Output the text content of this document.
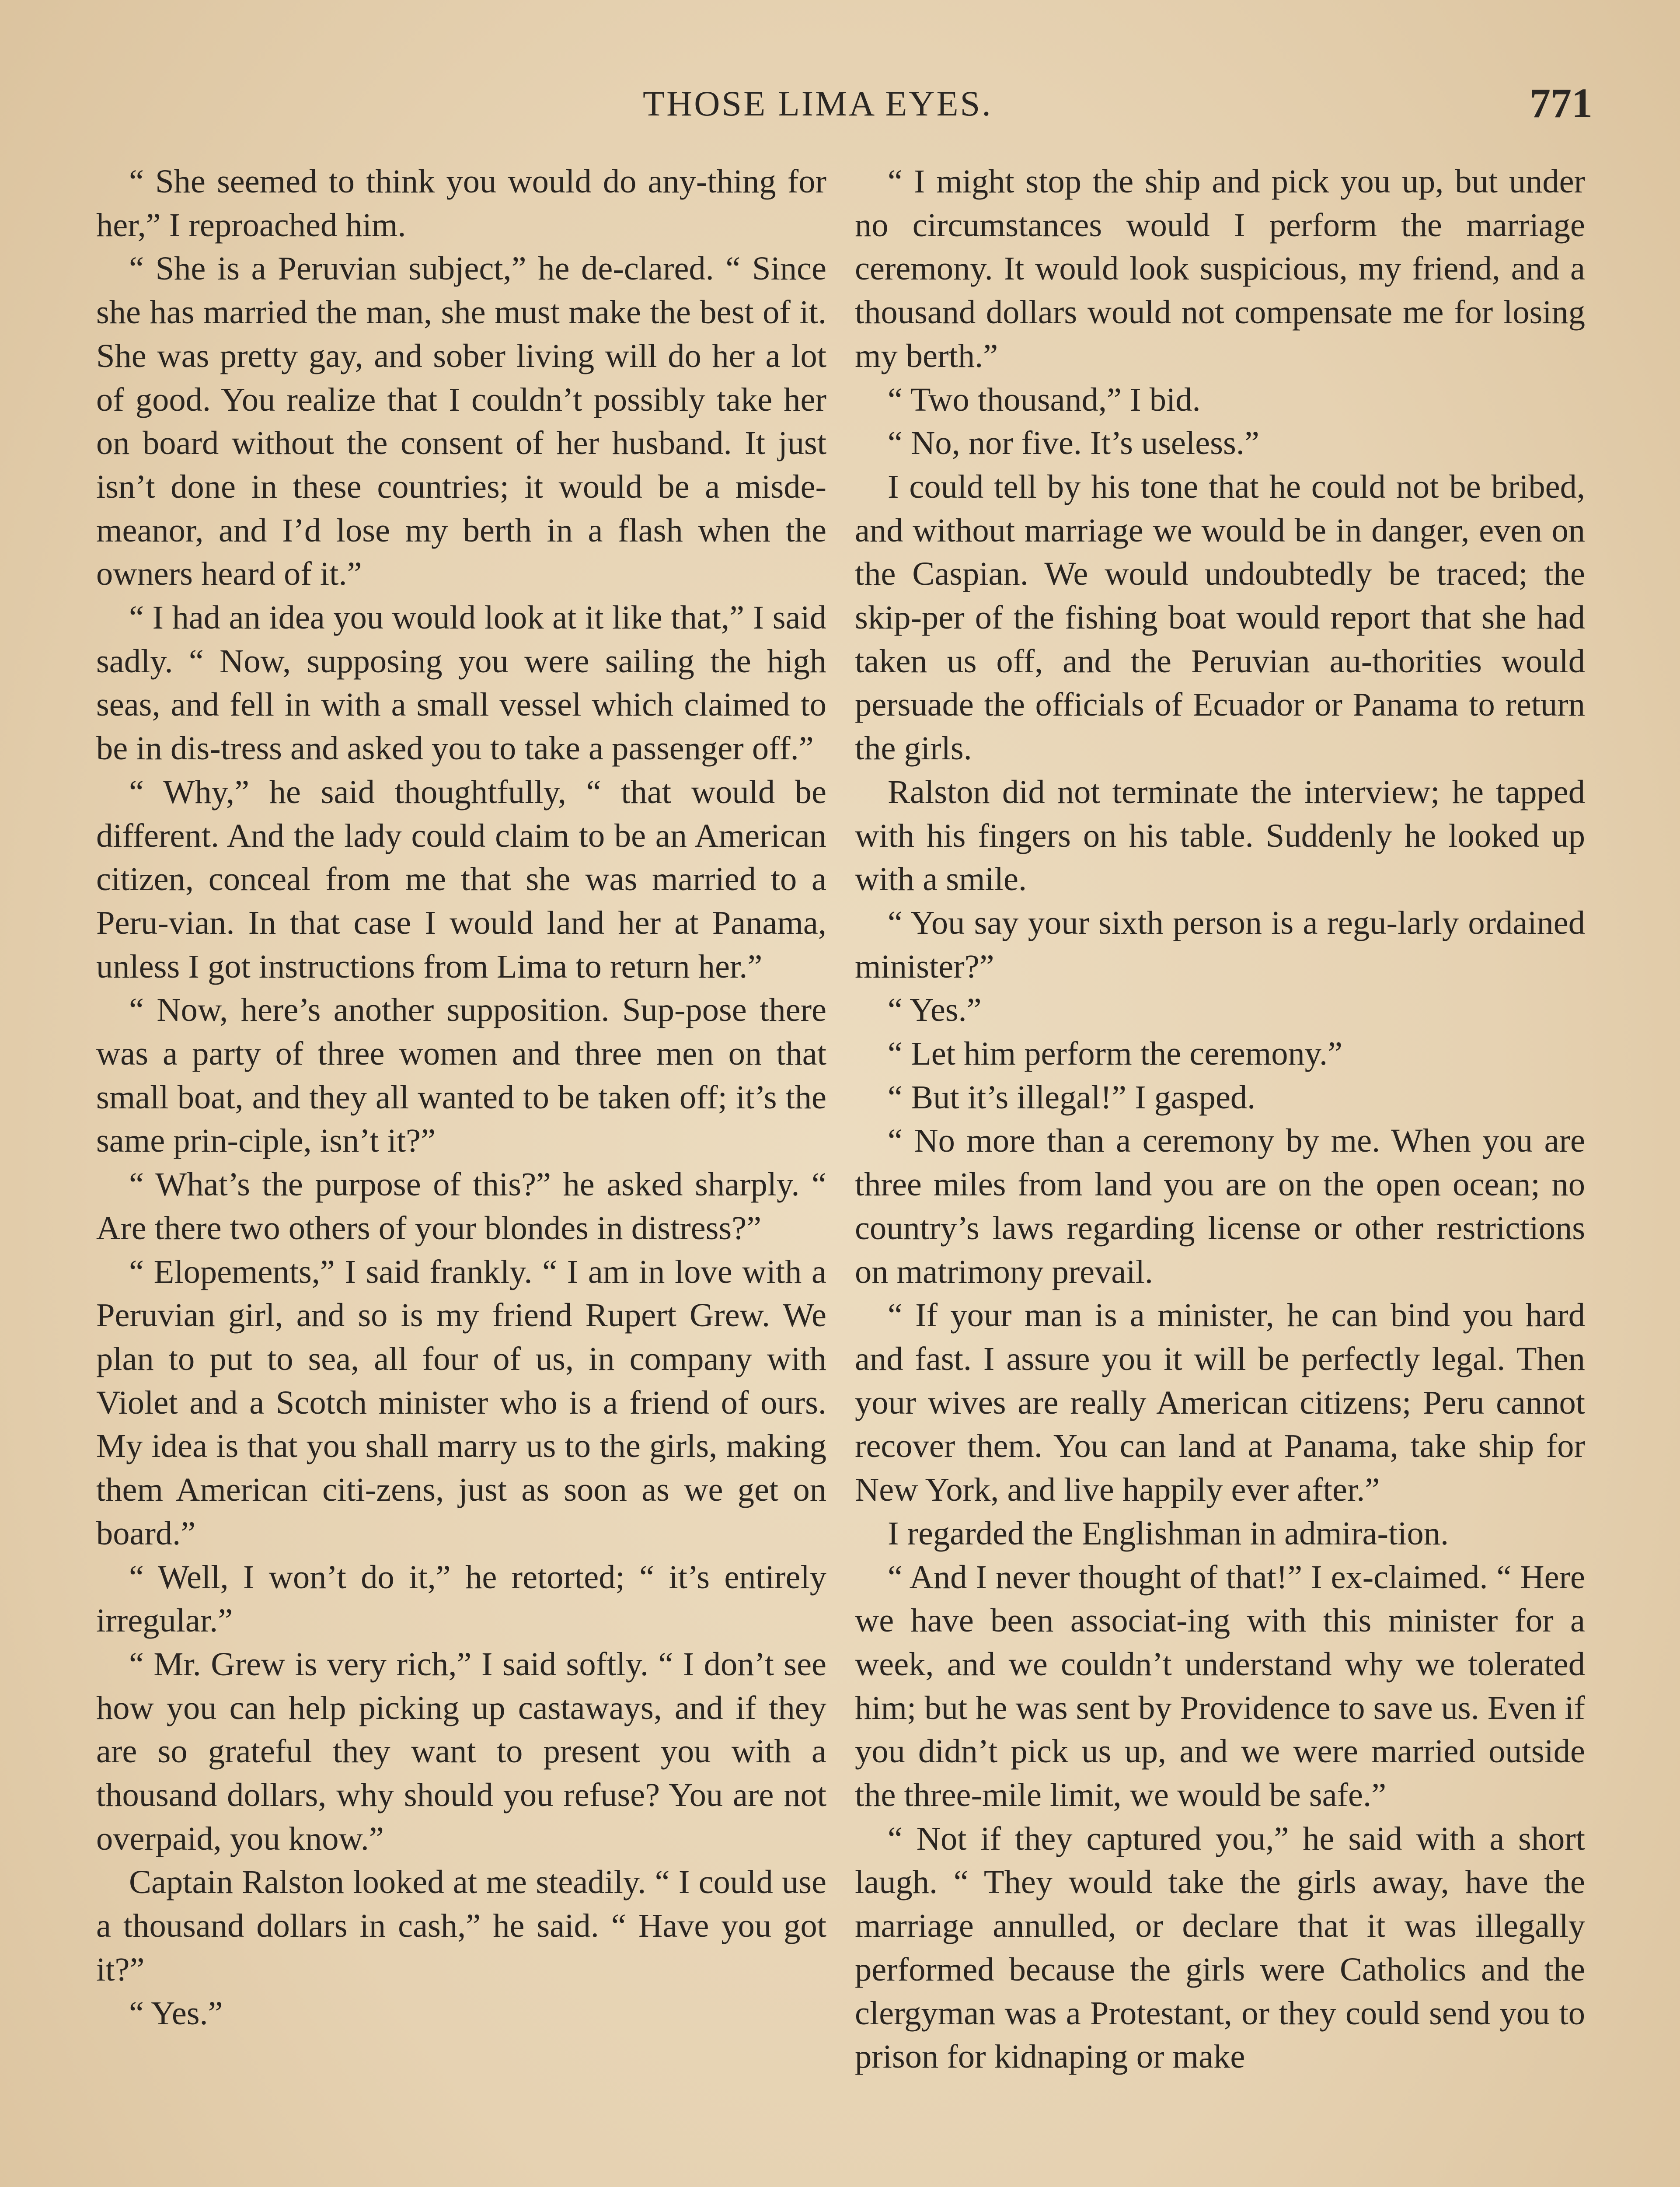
THOSE LIMA EYES.	771

“ She seemed to think you would do any-thing for her,” I reproached him.

“ She is a Peruvian subject,” he de-clared. “ Since she has married the man, she must make the best of it. She was pretty gay, and sober living will do her a lot of good. You realize that I couldn’t possibly take her on board without the consent of her husband. It just isn’t done in these countries; it would be a misde-meanor, and I’d lose my berth in a flash when the owners heard of it.”

“ I had an idea you would look at it like that,” I said sadly. “ Now, supposing you were sailing the high seas, and fell in with a small vessel which claimed to be in dis-tress and asked you to take a passenger off.”

“ Why,” he said thoughtfully, “ that would be different. And the lady could claim to be an American citizen, conceal from me that she was married to a Peru-vian. In that case I would land her at Panama, unless I got instructions from Lima to return her.”

“ Now, here’s another supposition. Sup-pose there was a party of three women and three men on that small boat, and they all wanted to be taken off; it’s the same prin-ciple, isn’t it?”

“ What’s the purpose of this?” he asked sharply. “ Are there two others of your blondes in distress?”

“ Elopements,” I said frankly. “ I am in love with a Peruvian girl, and so is my friend Rupert Grew. We plan to put to sea, all four of us, in company with Violet and a Scotch minister who is a friend of ours. My idea is that you shall marry us to the girls, making them American citi-zens, just as soon as we get on board.”

“ Well, I won’t do it,” he retorted; “ it’s entirely irregular.”

“ Mr. Grew is very rich,” I said softly. “ I don’t see how you can help picking up castaways, and if they are so grateful they want to present you with a thousand dollars, why should you refuse? You are not overpaid, you know.”

Captain Ralston looked at me steadily. “ I could use a thousand dollars in cash,” he said. “ Have you got it?”

“ Yes.”

“ I might stop the ship and pick you up, but under no circumstances would I perform the marriage ceremony. It would look suspicious, my friend, and a thousand dollars would not compensate me for losing my berth.”

“ Two thousand,” I bid.

“ No, nor five. It’s useless.”

I could tell by his tone that he could not be bribed, and without marriage we would be in danger, even on the Caspian. We would undoubtedly be traced; the skip-per of the fishing boat would report that she had taken us off, and the Peruvian au-thorities would persuade the officials of Ecuador or Panama to return the girls.

Ralston did not terminate the interview; he tapped with his fingers on his table. Suddenly he looked up with a smile.

“ You say your sixth person is a regu-larly ordained minister?”

“ Yes.”

“ Let him perform the ceremony.”

“ But it’s illegal!” I gasped.

“ No more than a ceremony by me. When you are three miles from land you are on the open ocean; no country’s laws regarding license or other restrictions on matrimony prevail.

“ If your man is a minister, he can bind you hard and fast. I assure you it will be perfectly legal. Then your wives are really American citizens; Peru cannot recover them. You can land at Panama, take ship for New York, and live happily ever after.”

I regarded the Englishman in admira-tion.

“ And I never thought of that!” I ex-claimed. “ Here we have been associat-ing with this minister for a week, and we couldn’t understand why we tolerated him; but he was sent by Providence to save us. Even if you didn’t pick us up, and we were married outside the three-mile limit, we would be safe.”

“ Not if they captured you,” he said with a short laugh. “ They would take the girls away, have the marriage annulled, or declare that it was illegally performed because the girls were Catholics and the clergyman was a Protestant, or they could send you to prison for kidnaping or make
